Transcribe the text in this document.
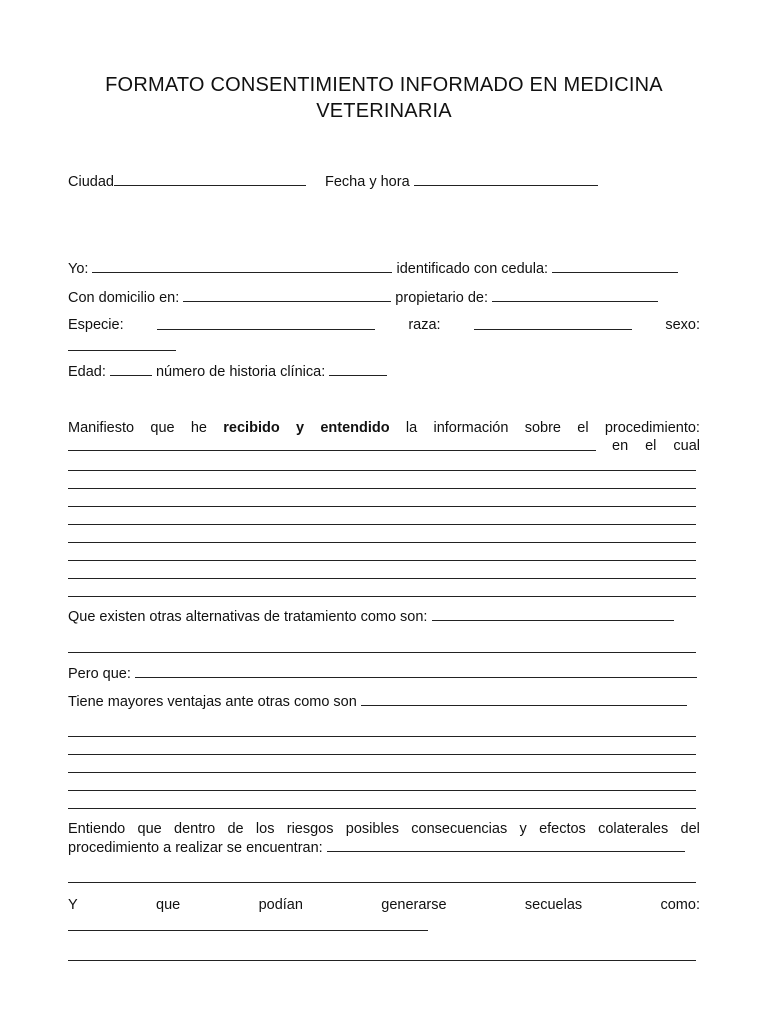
FORMATO CONSENTIMIENTO INFORMADO EN MEDICINA
VETERINARIA
Ciudad	Fecha y hora
Yo:	identificado con cedula:
Con domicilio en:	propietario de:
Especie:	raza:	sexo:
Edad:	número de historia clínica:
Manifiesto que he recibido y entendido la información sobre el procedimiento:
en el cual
Que existen otras alternativas de tratamiento como son:
Pero que:
Tiene mayores ventajas ante otras como son
Entiendo que dentro de los riesgos posibles consecuencias y efectos colaterales del
procedimiento a realizar se encuentran:
Y	que	podían	generarse	secuelas	como:
